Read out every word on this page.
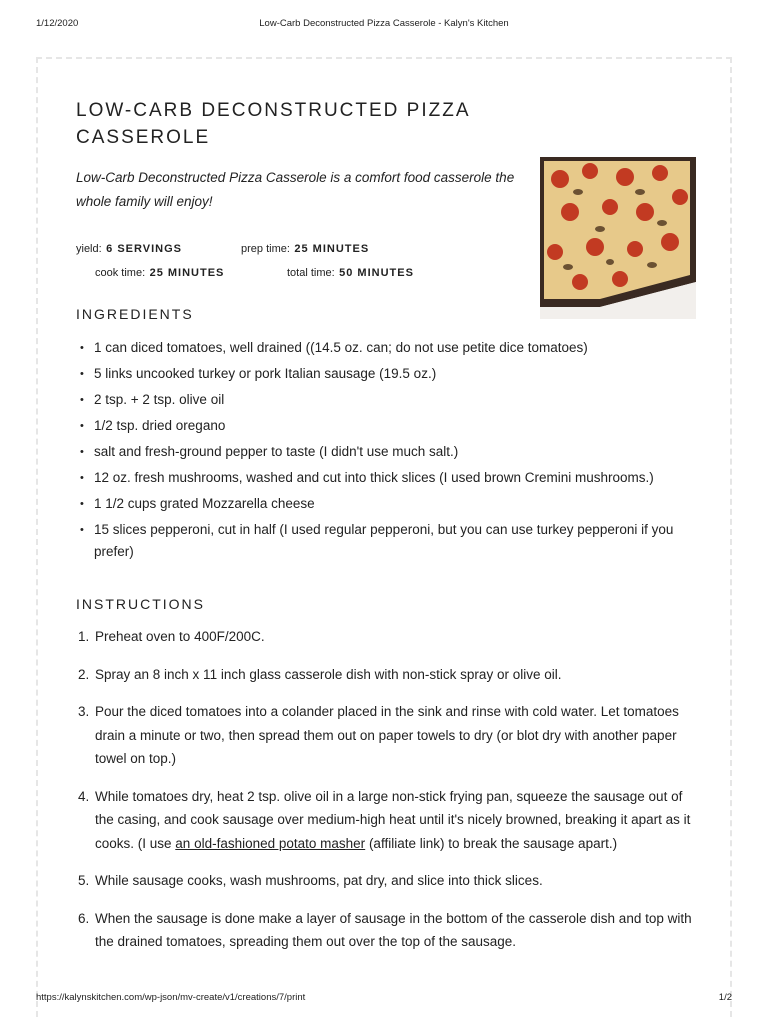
1/12/2020	Low-Carb Deconstructed Pizza Casserole - Kalyn's Kitchen
LOW-CARB DECONSTRUCTED PIZZA CASSEROLE
Low-Carb Deconstructed Pizza Casserole is a comfort food casserole the whole family will enjoy!
yield: 6 SERVINGS	prep time: 25 MINUTES
cook time: 25 MINUTES	total time: 50 MINUTES
INGREDIENTS
• 1 can diced tomatoes, well drained ((14.5 oz. can; do not use petite dice tomatoes)
• 5 links uncooked turkey or pork Italian sausage (19.5 oz.)
• 2 tsp. + 2 tsp. olive oil
• 1/2 tsp. dried oregano
• salt and fresh-ground pepper to taste (I didn't use much salt.)
• 12 oz. fresh mushrooms, washed and cut into thick slices (I used brown Cremini mushrooms.)
• 1 1/2 cups grated Mozzarella cheese
• 15 slices pepperoni, cut in half (I used regular pepperoni, but you can use turkey pepperoni if you prefer)
INSTRUCTIONS
1. Preheat oven to 400F/200C.
2. Spray an 8 inch x 11 inch glass casserole dish with non-stick spray or olive oil.
3. Pour the diced tomatoes into a colander placed in the sink and rinse with cold water. Let tomatoes drain a minute or two, then spread them out on paper towels to dry (or blot dry with another paper towel on top.)
4. While tomatoes dry, heat 2 tsp. olive oil in a large non-stick frying pan, squeeze the sausage out of the casing, and cook sausage over medium-high heat until it's nicely browned, breaking it apart as it cooks. (I use an old-fashioned potato masher (affiliate link) to break the sausage apart.)
5. While sausage cooks, wash mushrooms, pat dry, and slice into thick slices.
6. When the sausage is done make a layer of sausage in the bottom of the casserole dish and top with the drained tomatoes, spreading them out over the top of the sausage.
https://kalynskitchen.com/wp-json/mv-create/v1/creations/7/print	1/2
